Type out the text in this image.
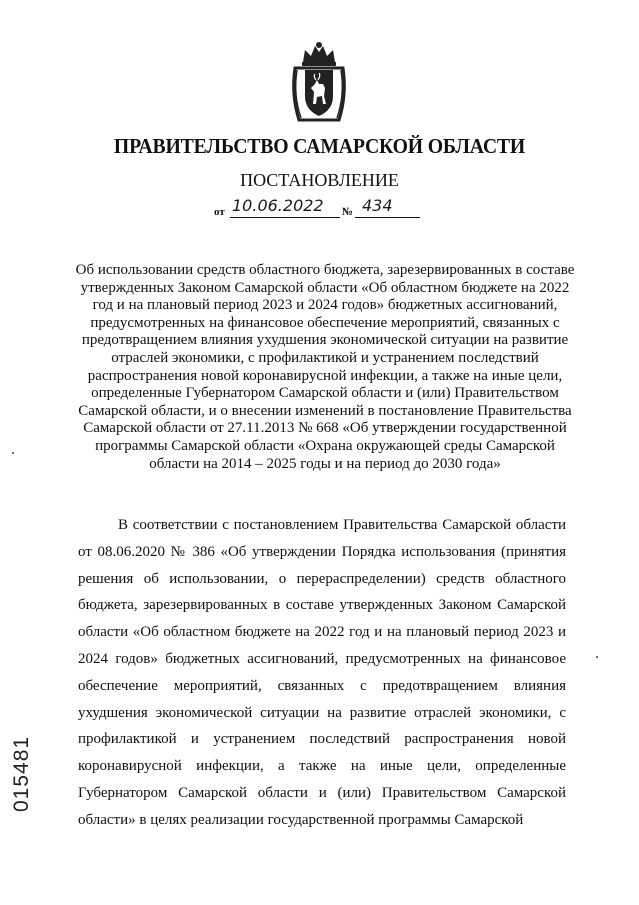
ПРАВИТЕЛЬСТВО САМАРСКОЙ ОБЛАСТИ
ПОСТАНОВЛЕНИЕ
от 10.06.2022 № 434
Об использовании средств областного бюджета, зарезервированных в составе утвержденных Законом Самарской области «Об областном бюджете на 2022 год и на плановый период 2023 и 2024 годов» бюджетных ассигнований, предусмотренных на финансовое обеспечение мероприятий, связанных с предотвращением влияния ухудшения экономической ситуации на развитие отраслей экономики, с профилактикой и устранением последствий распространения новой коронавирусной инфекции, а также на иные цели, определенные Губернатором Самарской области и (или) Правительством Самарской области, и о внесении изменений в постановление Правительства Самарской области от 27.11.2013 № 668 «Об утверждении государственной программы Самарской области «Охрана окружающей среды Самарской области на 2014 – 2025 годы и на период до 2030 года»
В соответствии с постановлением Правительства Самарской области от 08.06.2020 № 386 «Об утверждении Порядка использования (принятия решения об использовании, о перераспределении) средств областного бюджета, зарезервированных в составе утвержденных Законом Самарской области «Об областном бюджете на 2022 год и на плановый период 2023 и 2024 годов» бюджетных ассигнований, предусмотренных на финансовое обеспечение мероприятий, связанных с предотвращением влияния ухудшения экономической ситуации на развитие отраслей экономики, с профилактикой и устранением последствий распространения новой коронавирусной инфекции, а также на иные цели, определенные Губернатором Самарской области и (или) Правительством Самарской области» в целях реализации государственной программы Самарской
015481
